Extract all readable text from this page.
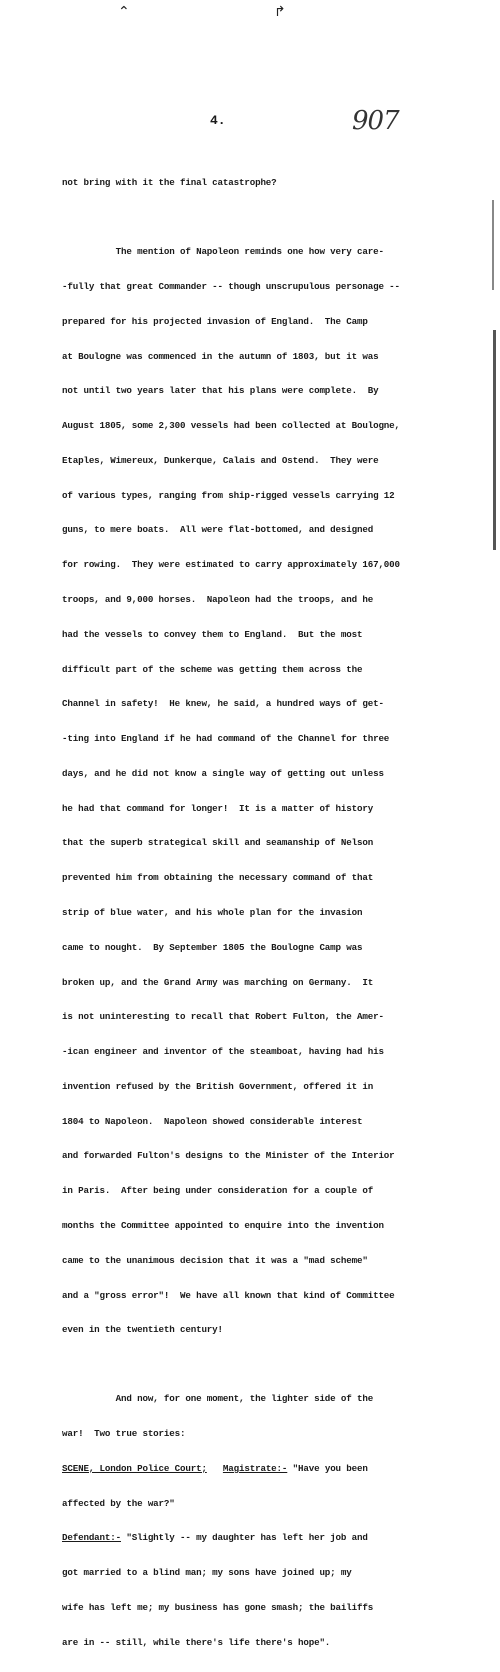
⌃	↱
4.	907

not bring with it the final catastrophe?

The mention of Napoleon reminds one how very care-

-fully that great Commander -- though unscrupulous personage --

prepared for his projected invasion of England.  The Camp

at Boulogne was commenced in the autumn of 1803, but it was

not until two years later that his plans were complete.  By

August 1805, some 2,300 vessels had been collected at Boulogne,

Etaples, Wimereux, Dunkerque, Calais and Ostend.  They were

of various types, ranging from ship-rigged vessels carrying 12

guns, to mere boats.  All were flat-bottomed, and designed

for rowing.  They were estimated to carry approximately 167,000

troops, and 9,000 horses.  Napoleon had the troops, and he

had the vessels to convey them to England.  But the most

difficult part of the scheme was getting them across the

Channel in safety!  He knew, he said, a hundred ways of get-

-ting into England if he had command of the Channel for three

days, and he did not know a single way of getting out unless

he had that command for longer!  It is a matter of history

that the superb strategical skill and seamanship of Nelson

prevented him from obtaining the necessary command of that

strip of blue water, and his whole plan for the invasion

came to nought.  By September 1805 the Boulogne Camp was

broken up, and the Grand Army was marching on Germany.  It

is not uninteresting to recall that Robert Fulton, the Amer-

-ican engineer and inventor of the steamboat, having had his

invention refused by the British Government, offered it in

1804 to Napoleon.  Napoleon showed considerable interest

and forwarded Fulton's designs to the Minister of the Interior

in Paris.  After being under consideration for a couple of

months the Committee appointed to enquire into the invention

came to the unanimous decision that it was a "mad scheme"

and a "gross error"!  We have all known that kind of Committee

even in the twentieth century!

And now, for one moment, the lighter side of the

war!  Two true stories:

SCENE, London Police Court; Magistrate:- "Have you been

affected by the war?"

Defendant:- "Slightly -- my daughter has left her job and

got married to a blind man; my sons have joined up; my

wife has left me; my business has gone smash; the bailiffs

are in -- still, while there's life there's hope".
